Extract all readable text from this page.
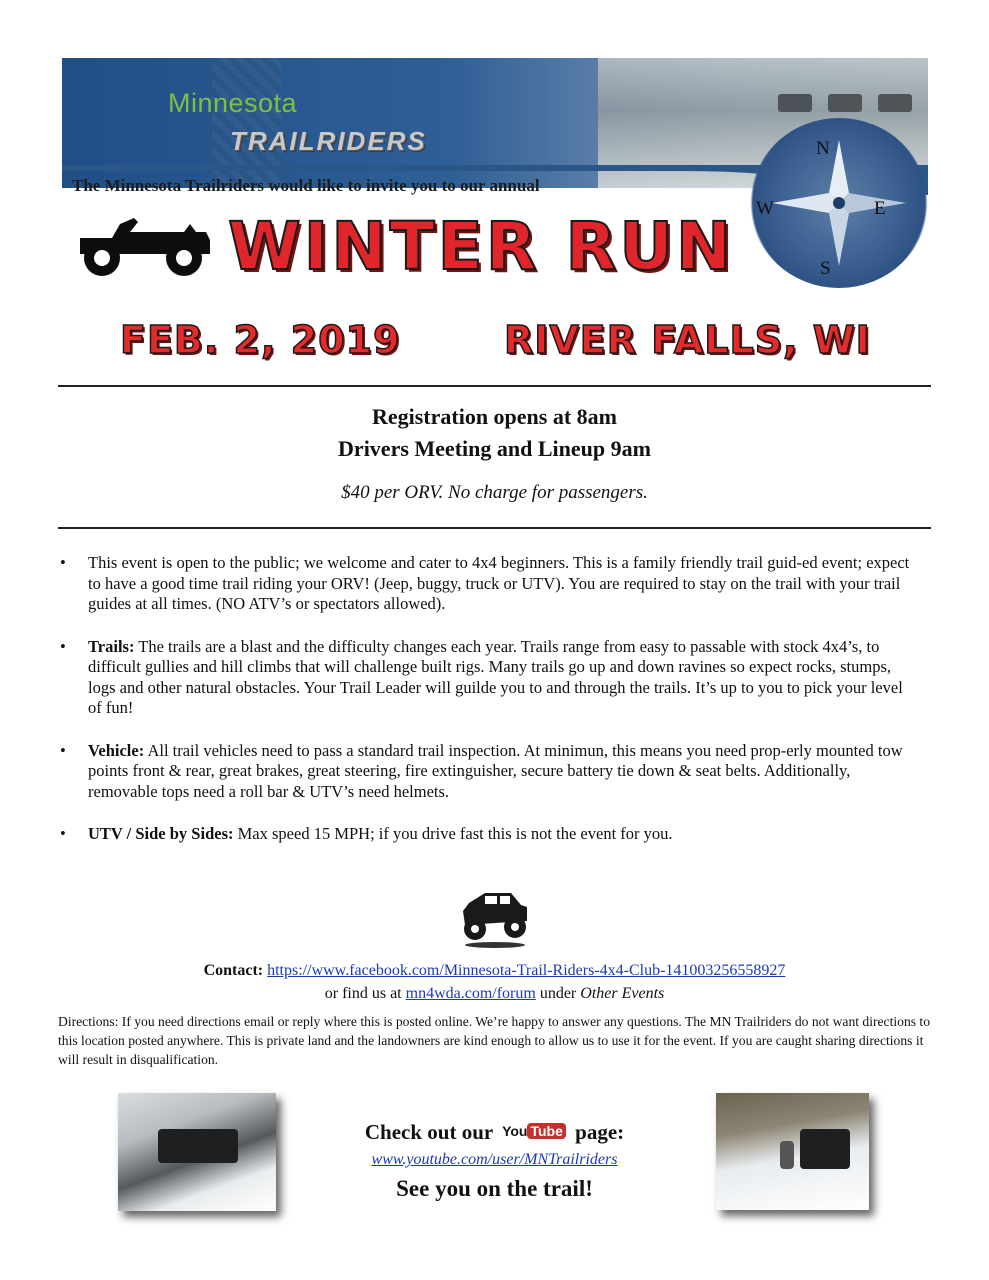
Minnesota
TRAILRIDERS
The Minnesota Trailriders would like to invite you to our annual
N
W	E
S
WINTER RUN
FEB. 2, 2019	RIVER FALLS, WI
Registration opens at 8am
Drivers Meeting and Lineup 9am
$40 per ORV. No charge for passengers.
• This event is open to the public; we welcome and cater to 4x4 beginners. This is a family friendly trail guid-ed event; expect to have a good time trail riding your ORV! (Jeep, buggy, truck or UTV). You are required to stay on the trail with your trail guides at all times. (NO ATV’s or spectators allowed).
• Trails: The trails are a blast and the difficulty changes each year. Trails range from easy to passable with stock 4x4’s, to difficult gullies and hill climbs that will challenge built rigs. Many trails go up and down ravines so expect rocks, stumps, logs and other natural obstacles. Your Trail Leader will guilde you to and through the trails. It’s up to you to pick your level of fun!
• Vehicle: All trail vehicles need to pass a standard trail inspection. At minimun, this means you need prop-erly mounted tow points front & rear, great brakes, great steering, fire extinguisher, secure battery tie down & seat belts. Additionally, removable tops need a roll bar & UTV’s need helmets.
• UTV / Side by Sides: Max speed 15 MPH; if you drive fast this is not the event for you.
Contact: https://www.facebook.com/Minnesota-Trail-Riders-4x4-Club-141003256558927
or find us at mn4wda.com/forum under Other Events
Directions: If you need directions email or reply where this is posted online. We’re happy to answer any questions. The MN Trailriders do not want directions to this location posted anywhere. This is private land and the landowners are kind enough to allow us to use it for the event. If you are caught sharing directions it will result in disqualification.
Check out our You Tube page:
www.youtube.com/user/MNTrailriders
See you on the trail!
